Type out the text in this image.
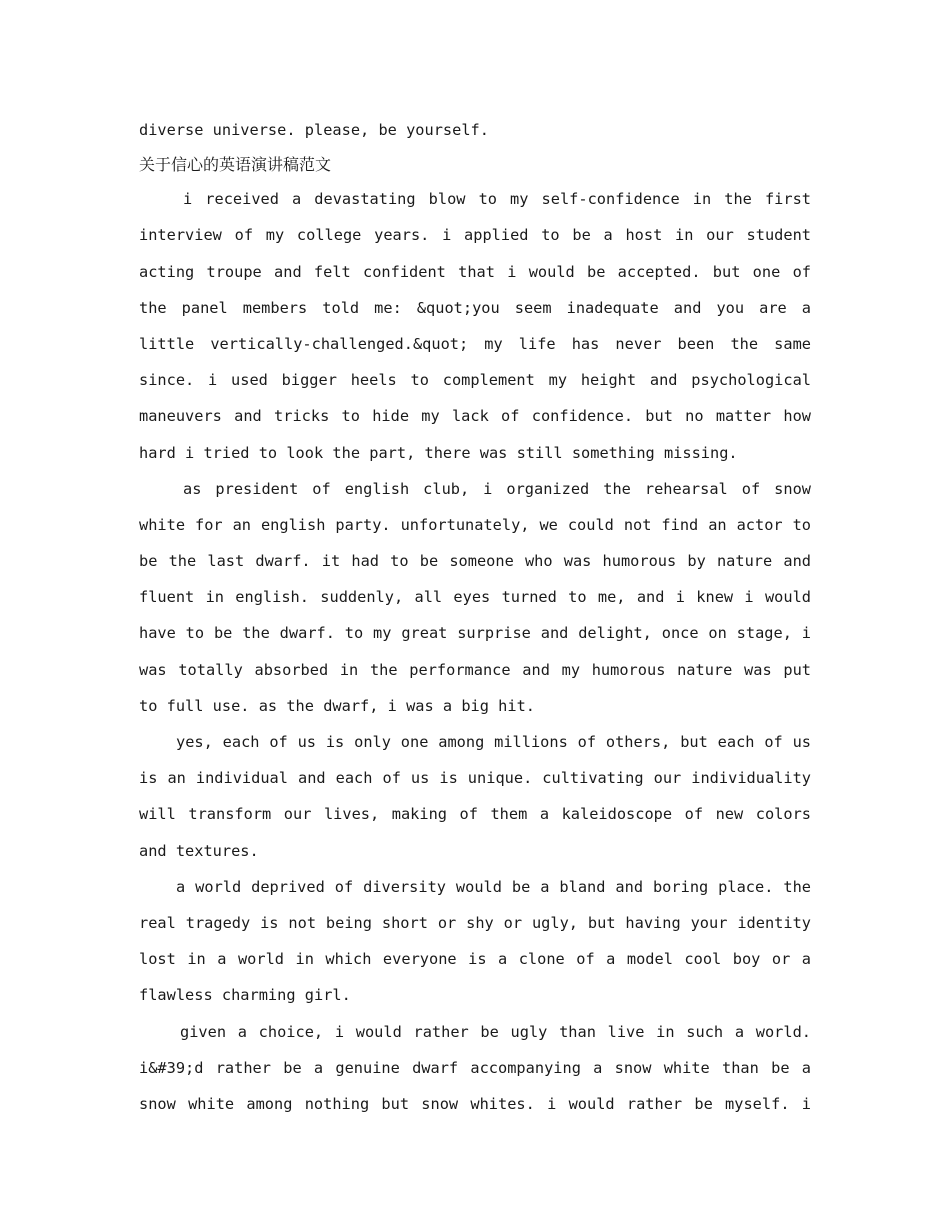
diverse universe. please, be yourself.
关于信心的英语演讲稿范文
i received a devastating blow to my self-confidence in the first
interview of my college years. i applied to be a host in our student
acting troupe and felt confident that i would be accepted. but one of
the panel members told me: &quot;you seem inadequate and you are a
little vertically-challenged.&quot; my life has never been the same
since. i used bigger heels to complement my height and psychological
maneuvers and tricks to hide my lack of confidence. but no matter how
hard i tried to look the part, there was still something missing.
as president of english club, i organized the rehearsal of snow
white for an english party. unfortunately, we could not find an actor to
be the last dwarf. it had to be someone who was humorous by nature and
fluent in english. suddenly, all eyes turned to me, and i knew i would
have to be the dwarf. to my great surprise and delight, once on stage, i
was totally absorbed in the performance and my humorous nature was put
to full use. as the dwarf, i was a big hit.
yes, each of us is only one among millions of others, but each of us
is an individual and each of us is unique. cultivating our individuality
will transform our lives, making of them a kaleidoscope of new colors
and textures.
a world deprived of diversity would be a bland and boring place. the
real tragedy is not being short or shy or ugly, but having your identity
lost in a world in which everyone is a clone of a model cool boy or a
flawless charming girl.
given a choice, i would rather be ugly than live in such a world.
i&#39;d rather be a genuine dwarf accompanying a snow white than be a
snow white among nothing but snow whites. i would rather be myself. i
